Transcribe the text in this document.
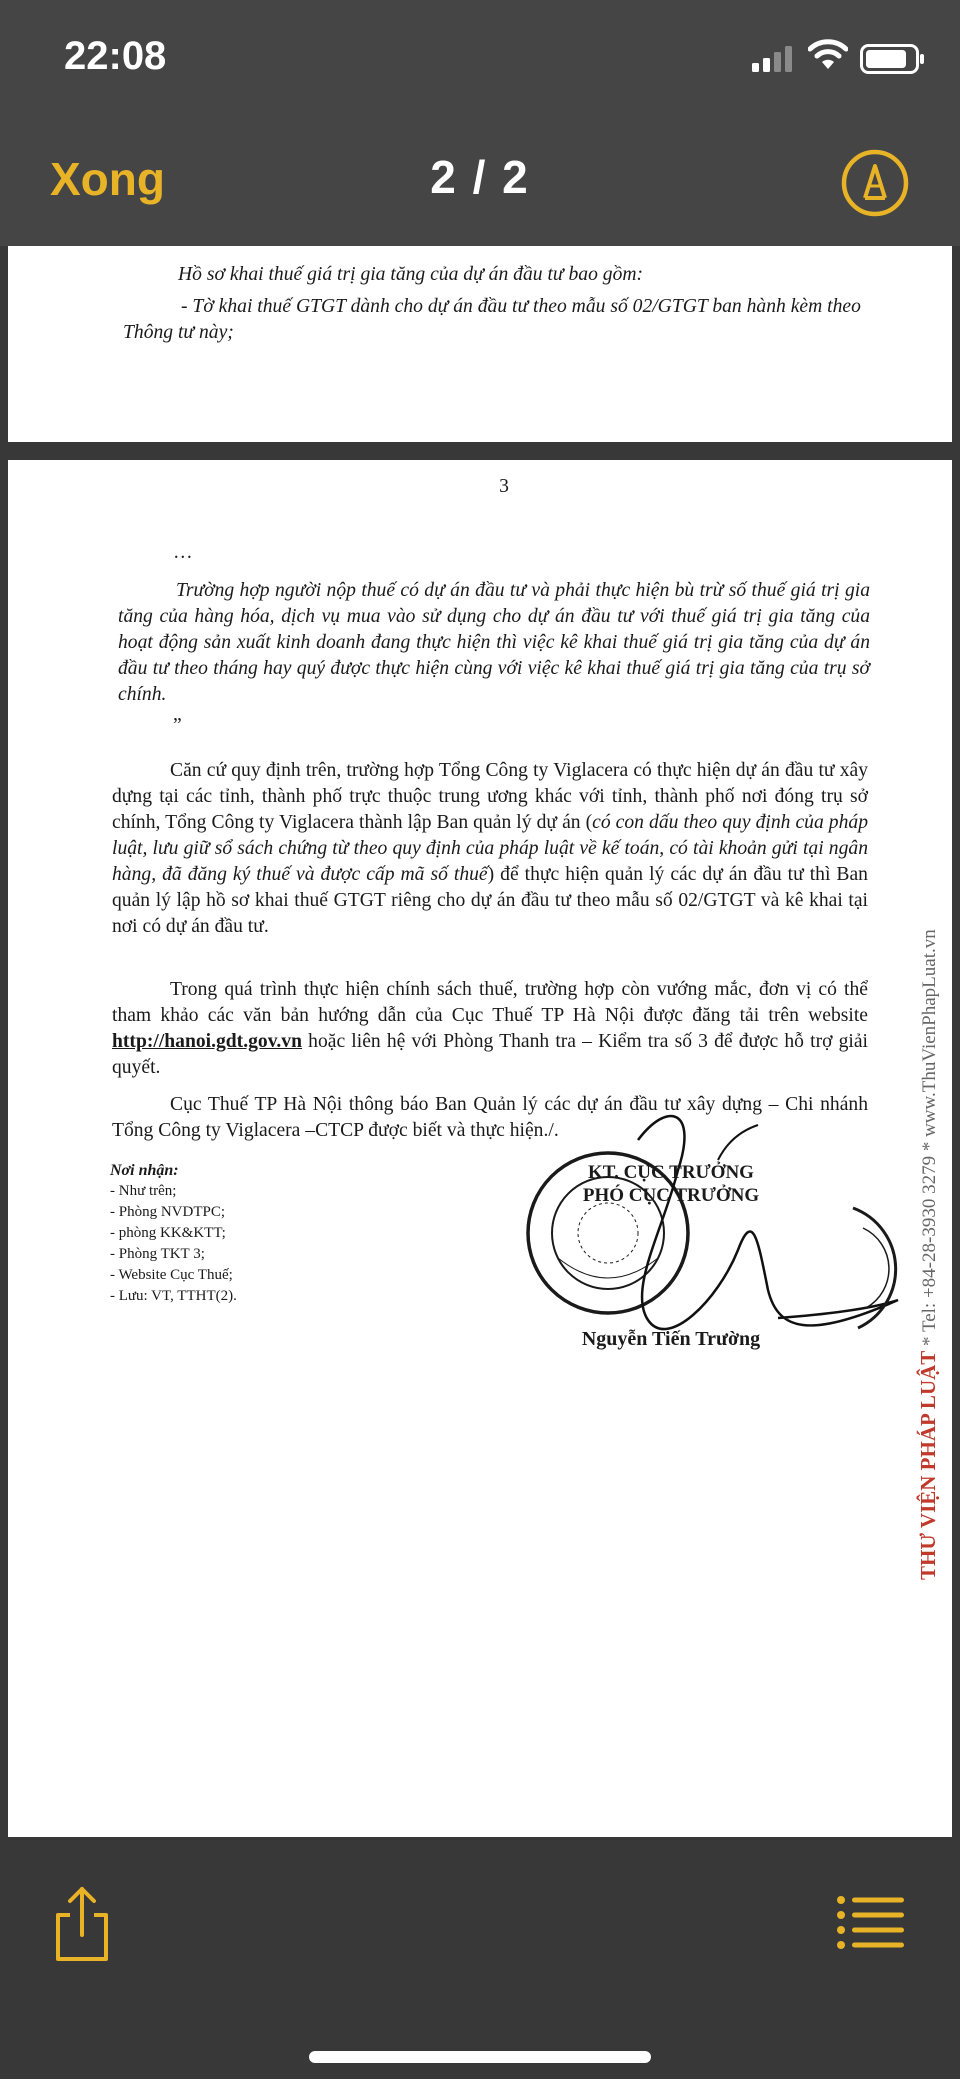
22:08
Xong	2 / 2
Hồ sơ khai thuế giá trị gia tăng của dự án đầu tư bao gồm:
- Tờ khai thuế GTGT dành cho dự án đầu tư theo mẫu số 02/GTGT ban hành kèm theo Thông tư này;
3
…

Trường hợp người nộp thuế có dự án đầu tư và phải thực hiện bù trừ số thuế giá trị gia tăng của hàng hóa, dịch vụ mua vào sử dụng cho dự án đầu tư với thuế giá trị gia tăng của hoạt động sản xuất kinh doanh đang thực hiện thì việc kê khai thuế giá trị gia tăng của dự án đầu tư theo tháng hay quý được thực hiện cùng với việc kê khai thuế giá trị gia tăng của trụ sở chính.

”

Căn cứ quy định trên, trường hợp Tổng Công ty Viglacera có thực hiện dự án đầu tư xây dựng tại các tỉnh, thành phố trực thuộc trung ương khác với tỉnh, thành phố nơi đóng trụ sở chính, Tổng Công ty Viglacera thành lập Ban quản lý dự án (có con dấu theo quy định của pháp luật, lưu giữ sổ sách chứng từ theo quy định của pháp luật về kế toán, có tài khoản gửi tại ngân hàng, đã đăng ký thuế và được cấp mã số thuế) để thực hiện quản lý các dự án đầu tư thì Ban quản lý lập hồ sơ khai thuế GTGT riêng cho dự án đầu tư theo mẫu số 02/GTGT và kê khai tại nơi có dự án đầu tư.

Trong quá trình thực hiện chính sách thuế, trường hợp còn vướng mắc, đơn vị có thể tham khảo các văn bản hướng dẫn của Cục Thuế TP Hà Nội được đăng tải trên website http://hanoi.gdt.gov.vn hoặc liên hệ với Phòng Thanh tra – Kiểm tra số 3 để được hỗ trợ giải quyết.

Cục Thuế TP Hà Nội thông báo Ban Quản lý các dự án đầu tư xây dựng – Chi nhánh Tổng Công ty Viglacera –CTCP được biết và thực hiện./.

Nơi nhận:
- Như trên;
- Phòng NVDTPC;
- phòng KK&KTT;
- Phòng TKT 3;
- Website Cục Thuế;
- Lưu: VT, TTHT(2).
KT. CỤC TRƯỞNG
PHÓ CỤC TRƯỞNG
Nguyễn Tiến Trường
THƯ VIỆN PHÁP LUẬT * Tel: +84-28-3930 3279 * www.ThuVienPhapLuat.vn
